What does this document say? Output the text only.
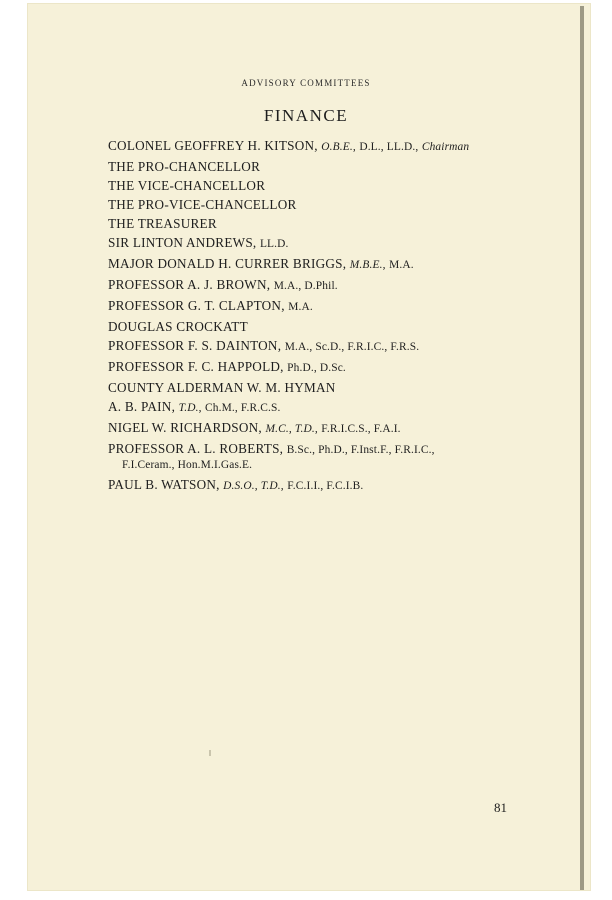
ADVISORY COMMITTEES
FINANCE
COLONEL GEOFFREY H. KITSON, O.B.E., D.L., LL.D., Chairman
THE PRO-CHANCELLOR
THE VICE-CHANCELLOR
THE PRO-VICE-CHANCELLOR
THE TREASURER
SIR LINTON ANDREWS, LL.D.
MAJOR DONALD H. CURRER BRIGGS, M.B.E., M.A.
PROFESSOR A. J. BROWN, M.A., D.Phil.
PROFESSOR G. T. CLAPTON, M.A.
DOUGLAS CROCKATT
PROFESSOR F. S. DAINTON, M.A., Sc.D., F.R.I.C., F.R.S.
PROFESSOR F. C. HAPPOLD, Ph.D., D.Sc.
COUNTY ALDERMAN W. M. HYMAN
A. B. PAIN, T.D., Ch.M., F.R.C.S.
NIGEL W. RICHARDSON, M.C., T.D., F.R.I.C.S., F.A.I.
PROFESSOR A. L. ROBERTS, B.Sc., Ph.D., F.Inst.F., F.R.I.C.,
F.I.Ceram., Hon.M.I.Gas.E.
PAUL B. WATSON, D.S.O., T.D., F.C.I.I., F.C.I.B.
81
